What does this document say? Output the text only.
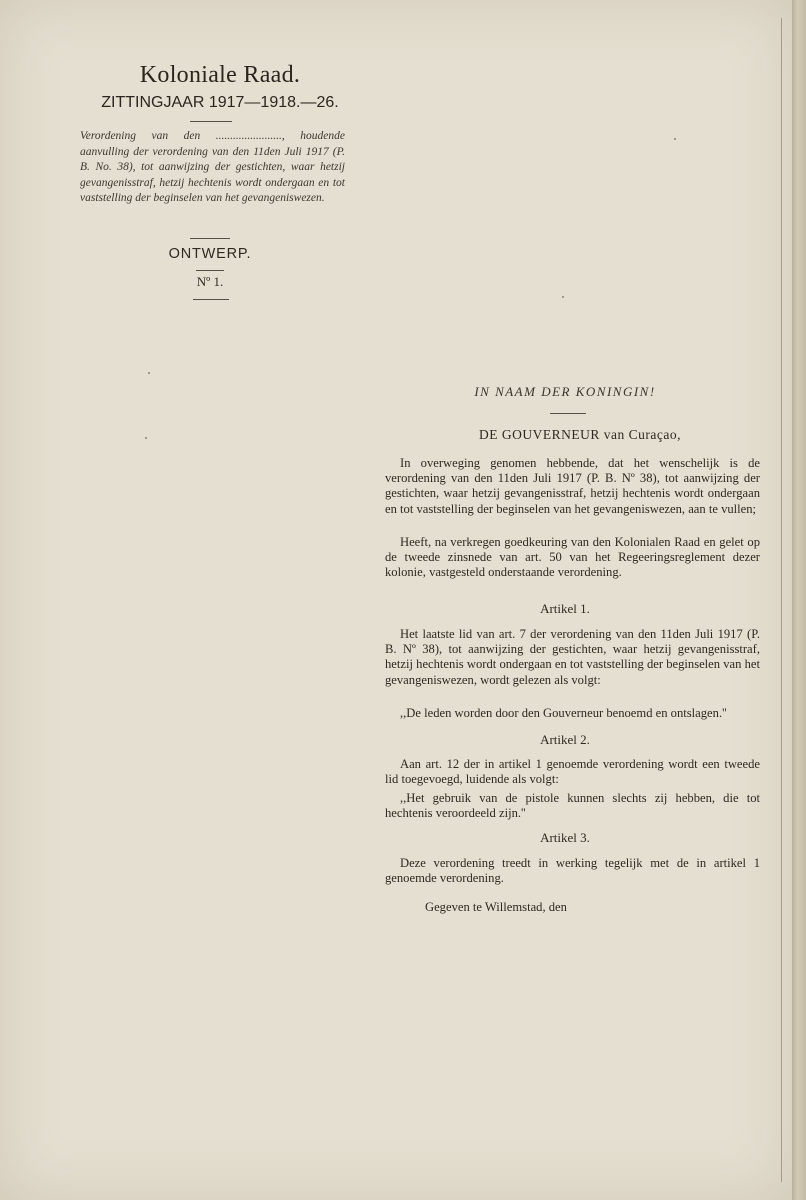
Koloniale Raad.
ZITTINGJAAR 1917—1918.—26.
Verordening van den ......................., houdende aanvulling der verordening van den 11den Juli 1917 (P. B. No. 38), tot aanwijzing der gestichten, waar hetzij gevangenisstraf, hetzij hechtenis wordt ondergaan en tot vaststelling der beginselen van het gevangeniswezen.
ONTWERP.
Nº 1.
IN NAAM DER KONINGIN!
DE GOUVERNEUR van Curaçao,

In overweging genomen hebbende, dat het wenschelijk is de verordening van den 11den Juli 1917 (P. B. Nº 38), tot aanwijzing der gestichten, waar hetzij gevangenisstraf, hetzij hechtenis wordt ondergaan en tot vaststelling der beginselen van het gevangeniswezen, aan te vullen;

Heeft, na verkregen goedkeuring van den Kolonialen Raad en gelet op de tweede zinsnede van art. 50 van het Regeeringsreglement dezer kolonie, vastgesteld onderstaande verordening.

Artikel 1.

Het laatste lid van art. 7 der verordening van den 11den Juli 1917 (P. B. Nº 38), tot aanwijzing der gestichten, waar hetzij gevangenisstraf, hetzij hechtenis wordt ondergaan en tot vaststelling der beginselen van het gevangeniswezen, wordt gelezen als volgt:

,,De leden worden door den Gouverneur benoemd en ontslagen.''

Artikel 2.

Aan art. 12 der in artikel 1 genoemde verordening wordt een tweede lid toegevoegd, luidende als volgt:

,,Het gebruik van de pistole kunnen slechts zij hebben, die tot hechtenis veroordeeld zijn.''

Artikel 3.

Deze verordening treedt in werking tegelijk met de in artikel 1 genoemde verordening.

Gegeven te Willemstad, den
